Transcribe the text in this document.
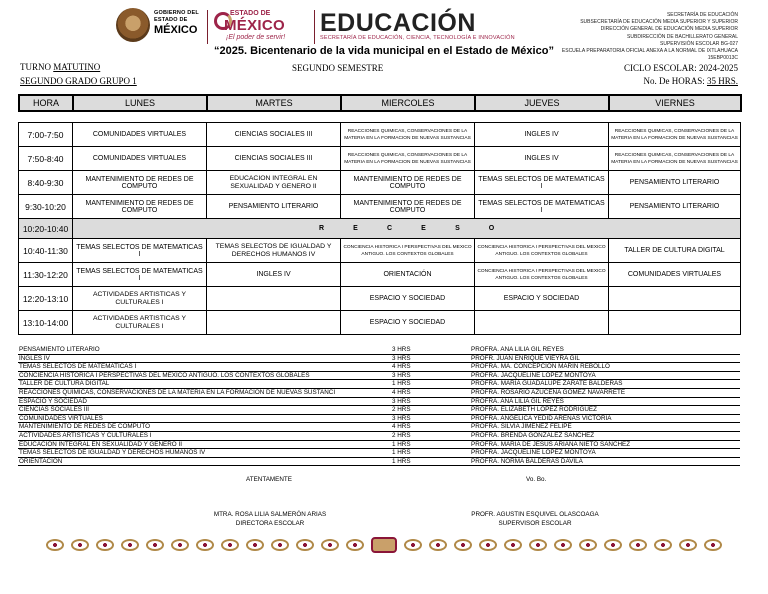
GOBIERNO DEL
ESTADO DE
MÉXICO
ESTADO DE
MÉXICO
¡El poder de servir!
EDUCACIÓN
SECRETARÍA DE EDUCACIÓN, CIENCIA, TECNOLOGÍA E INNOVACIÓN
SECRETARÍA DE EDUCACIÓN
SUBSECRETARÍA DE EDUCACIÓN MEDIA SUPERIOR Y SUPERIOR
DIRECCIÓN GENERAL DE EDUCACIÓN MEDIA SUPERIOR
SUBDIRECCIÓN DE BACHILLERATO GENERAL
SUPERVISIÓN ESCOLAR BG-027
ESCUELA PREPARATORIA OFICIAL ANEXA A LA NORMAL DE IXTLAHUACA
15EBP0013C
“2025. Bicentenario de la vida municipal en el Estado de México”
TURNO MATUTINO	SEGUNDO SEMESTRE	CICLO ESCOLAR: 2024-2025
SEGUNDO GRADO GRUPO 1	No. De HORAS: 35 HRS.
HORA	LUNES	MARTES	MIERCOLES	JUEVES	VIERNES
7:00-7:50	COMUNIDADES VIRTUALES	CIENCIAS SOCIALES III	REACCIONES QUIMICAS, CONSERVACIONES DE LA MATERIA EN LA FORMACION DE NUEVAS SUSTANCIAS	INGLES IV	REACCIONES QUIMICAS, CONSERVACIONES DE LA MATERIA EN LA FORMACION DE NUEVAS SUSTANCIAS
7:50-8:40	COMUNIDADES VIRTUALES	CIENCIAS SOCIALES III	REACCIONES QUIMICAS, CONSERVACIONES DE LA MATERIA EN LA FORMACION DE NUEVAS SUSTANCIAS	INGLES IV	REACCIONES QUIMICAS, CONSERVACIONES DE LA MATERIA EN LA FORMACION DE NUEVAS SUSTANCIAS
8:40-9:30	MANTENIMIENTO DE REDES DE COMPUTO	EDUCACION INTEGRAL EN SEXUALIDAD Y GENERO II	MANTENIMIENTO DE REDES DE COMPUTO	TEMAS SELECTOS DE MATEMATICAS I	PENSAMIENTO LITERARIO
9:30-10:20	MANTENIMIENTO DE REDES DE COMPUTO	PENSAMIENTO LITERARIO	MANTENIMIENTO DE REDES DE COMPUTO	TEMAS SELECTOS DE MATEMATICAS I	PENSAMIENTO LITERARIO
10:20-10:40	R E C E S O				
10:40-11:30	TEMAS SELECTOS DE MATEMATICAS I	TEMAS SELECTOS DE IGUALDAD Y DERECHOS HUMANOS IV	CONCIENCIA HISTORICA I PERSPECTIVAS DEL MEXICO ANTIGUO. LOS CONTEXTOS GLOBALES	CONCIENCIA HISTORICA I PERSPECTIVAS DEL MEXICO ANTIGUO. LOS CONTEXTOS GLOBALES	TALLER DE CULTURA DIGITAL
11:30-12:20	TEMAS SELECTOS DE MATEMATICAS I	INGLES IV	ORIENTACIÓN	CONCIENCIA HISTORICA I PERSPECTIVAS DEL MEXICO ANTIGUO. LOS CONTEXTOS GLOBALES	COMUNIDADES VIRTUALES
12:20-13:10	ACTIVIDADES ARTISTICAS Y CULTURALES I		ESPACIO Y SOCIEDAD	ESPACIO Y SOCIEDAD	
13:10-14:00	ACTIVIDADES ARTISTICAS Y CULTURALES I		ESPACIO Y SOCIEDAD		
PENSAMIENTO LITERARIO	3 HRS	PROFRA. ANA LILIA GIL REYES
INGLES IV	3 HRS	PROFR. JUAN ENRIQUE VIEYRA GIL
TEMAS SELECTOS DE MATEMATICAS I	4 HRS	PROFRA. MA. CONCEPCION MARIN REBOLLO
CONCIENCIA HISTORICA I PERSPECTIVAS DEL MEXICO ANTIGUO. LOS CONTEXTOS GLOBALES	3 HRS	PROFRA. JACQUELINE LOPEZ MONTOYA
TALLER DE CULTURA DIGITAL	1 HRS	PROFRA. MARIA GUADALUPE ZARATE BALDERAS
REACCIONES QUIMICAS, CONSERVACIONES DE LA MATERIA EN LA FORMACION DE NUEVAS SUSTANCI	4 HRS	PROFRA. ROSARIO AZUCENA GOMEZ NAVARRETE
ESPACIO Y SOCIEDAD	3 HRS	PROFRA. ANA LILIA GIL REYES
CIENCIAS SOCIALES III	2 HRS	PROFRA. ELIZABETH LOPEZ RODRIGUEZ
COMUNIDADES VIRTUALES	3 HRS	PROFRA. ANGELICA YEDID ARENAS VICTORIA
MANTENIMIENTO DE REDES DE COMPUTO	4 HRS	PROFRA. SILVIA JIMENEZ FELIPE
ACTIVIDADES ARTISTICAS Y CULTURALES I	2 HRS	PROFRA. BRENDA GONZALEZ SANCHEZ
EDUCACION INTEGRAL EN SEXUALIDAD Y GENERO II	1 HRS	PROFRA. MARIA DE JESUS ARIANA NIETO SANCHEZ
TEMAS SELECTOS DE IGUALDAD Y DERECHOS HUMANOS IV	1 HRS	PROFRA. JACQUELINE LOPEZ MONTOYA
ORIENTACION	1 HRS	PROFRA. NORMA BALDERAS DAVILA
ATENTAMENTE	Vo. Bo.
MTRA. ROSA LILIA SALMERÓN ARIAS
DIRECTORA ESCOLAR
PROFR. AGUSTIN ESQUIVEL OLASCOAGA
SUPERVISOR ESCOLAR
